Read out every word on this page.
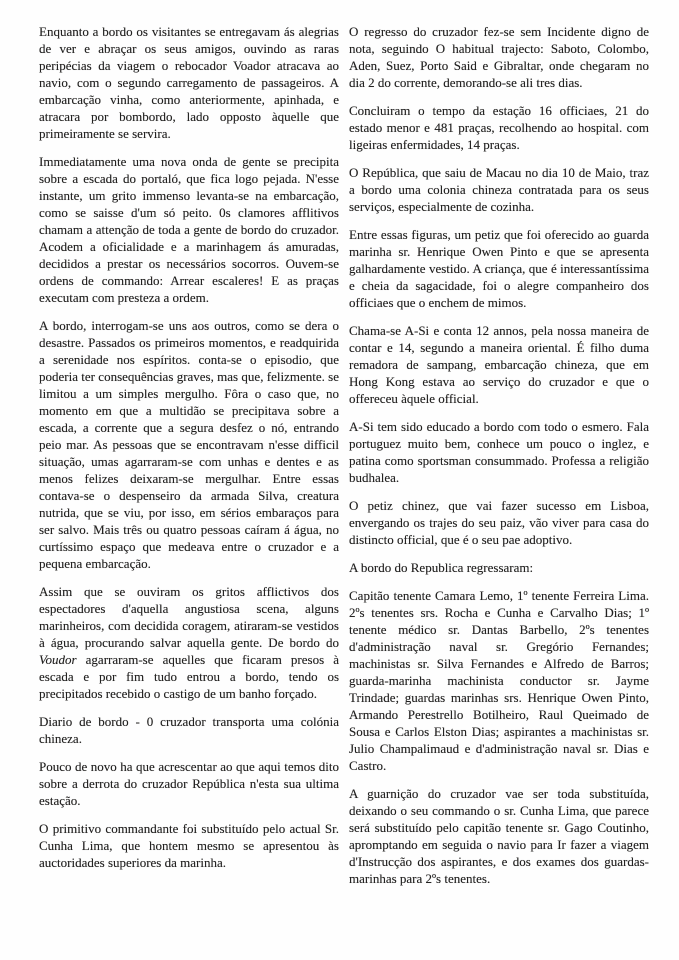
Enquanto a bordo os visitantes se entregavam ás alegrias de ver e abraçar os seus amigos, ouvindo as raras peripécias da viagem o rebocador Voador atracava ao navio, com o segundo carregamento de passageiros. A embarcação vinha, como anteriormente, apinhada, e atracara por bombordo, lado opposto àquelle que primeiramente se servira.

Immediatamente uma nova onda de gente se precipita sobre a escada do portaló, que fica logo pejada. N'esse instante, um grito immenso levanta-se na embarcação, como se saisse d'um só peito. 0s clamores afflitivos chamam a attenção de toda a gente de bordo do cruzador. Acodem a oficialidade e a marinhagem ás amuradas, decididos a prestar os necessários socorros. Ouvem-se ordens de commando: Arrear escaleres! E as praças executam com presteza a ordem.

A bordo, interrogam-se uns aos outros, como se dera o desastre. Passados os primeiros momentos, e readquirida a serenidade nos espíritos. conta-se o episodio, que poderia ter consequências graves, mas que, felizmente. se limitou a um simples mergulho. Fôra o caso que, no momento em que a multidão se precipitava sobre a escada, a corrente que a segura desfez o nó, entrando peio mar. As pessoas que se encontravam n'esse difficil situação, umas agarraram-se com unhas e dentes e as menos felizes deixaram-se mergulhar. Entre essas contava-se o despenseiro da armada Silva, creatura nutrida, que se viu, por isso, em sérios embaraços para ser salvo. Mais três ou quatro pessoas caíram á água, no curtíssimo espaço que medeava entre o cruzador e a pequena embarcação.

Assim que se ouviram os gritos afflictivos dos espectadores d'aquella angustiosa scena, alguns marinheiros, com decidida coragem, atiraram-se vestidos à água, procurando salvar aquella gente. De bordo do Voudor agarraram-se aquelles que ficaram presos à escada e por fim tudo entrou a bordo, tendo os precipitados recebido o castigo de um banho forçado.

Diario de bordo - 0 cruzador transporta uma colónia chineza.

Pouco de novo ha que acrescentar ao que aqui temos dito sobre a derrota do cruzador República n'esta sua ultima estação.

O primitivo commandante foi substituído pelo actual Sr. Cunha Lima, que hontem mesmo se apresentou às auctoridades superiores da marinha.

O regresso do cruzador fez-se sem Incidente digno de nota, seguindo O habitual trajecto: Saboto, Colombo, Aden, Suez, Porto Said e Gibraltar, onde chegaram no dia 2 do corrente, demorando-se ali tres dias.

Concluiram o tempo da estação 16 officiaes, 21 do estado menor e 481 praças, recolhendo ao hospital. com ligeiras enfermidades, 14 praças.

O República, que saiu de Macau no dia 10 de Maio, traz a bordo uma colonia chineza contratada para os seus serviços, especialmente de cozinha.

Entre essas figuras, um petiz que foi oferecido ao guarda marinha sr. Henrique Owen Pinto e que se apresenta galhardamente vestido. A criança, que é interessantíssima e cheia da sagacidade, foi o alegre companheiro dos officiaes que o enchem de mimos.

Chama-se A-Si e conta 12 annos, pela nossa maneira de contar e 14, segundo a maneira oriental. É filho duma remadora de sampang, embarcação chineza, que em Hong Kong estava ao serviço do cruzador e que o offereceu àquele official.

A-Si tem sido educado a bordo com todo o esmero. Fala portuguez muito bem, conhece um pouco o inglez, e patina como sportsman consummado. Professa a religião budhalea.

O petiz chinez, que vai fazer sucesso em Lisboa, envergando os trajes do seu paiz, vão viver para casa do distincto official, que é o seu pae adoptivo.

A bordo do Republica regressaram:

Capitão tenente Camara Lemo, 1º tenente Ferreira Lima. 2ºs tenentes srs. Rocha e Cunha e Carvalho Dias; 1º tenente médico sr. Dantas Barbello, 2ºs tenentes d'administração naval sr. Gregório Fernandes; machinistas sr. Silva Fernandes e Alfredo de Barros; guarda-marinha machinista conductor sr. Jayme Trindade; guardas marinhas srs. Henrique Owen Pinto, Armando Perestrello Botilheiro, Raul Queimado de Sousa e Carlos Elston Dias; aspirantes a machinistas sr. Julio Champalimaud e d'administração naval sr. Dias e Castro.

A guarnição do cruzador vae ser toda substituída, deixando o seu commando o sr. Cunha Lima, que parece será substituído pelo capitão tenente sr. Gago Coutinho, apromptando em seguida o navio para Ir fazer a viagem d'Instrucção dos aspirantes, e dos exames dos guardas-marinhas para 2ºs tenentes.
